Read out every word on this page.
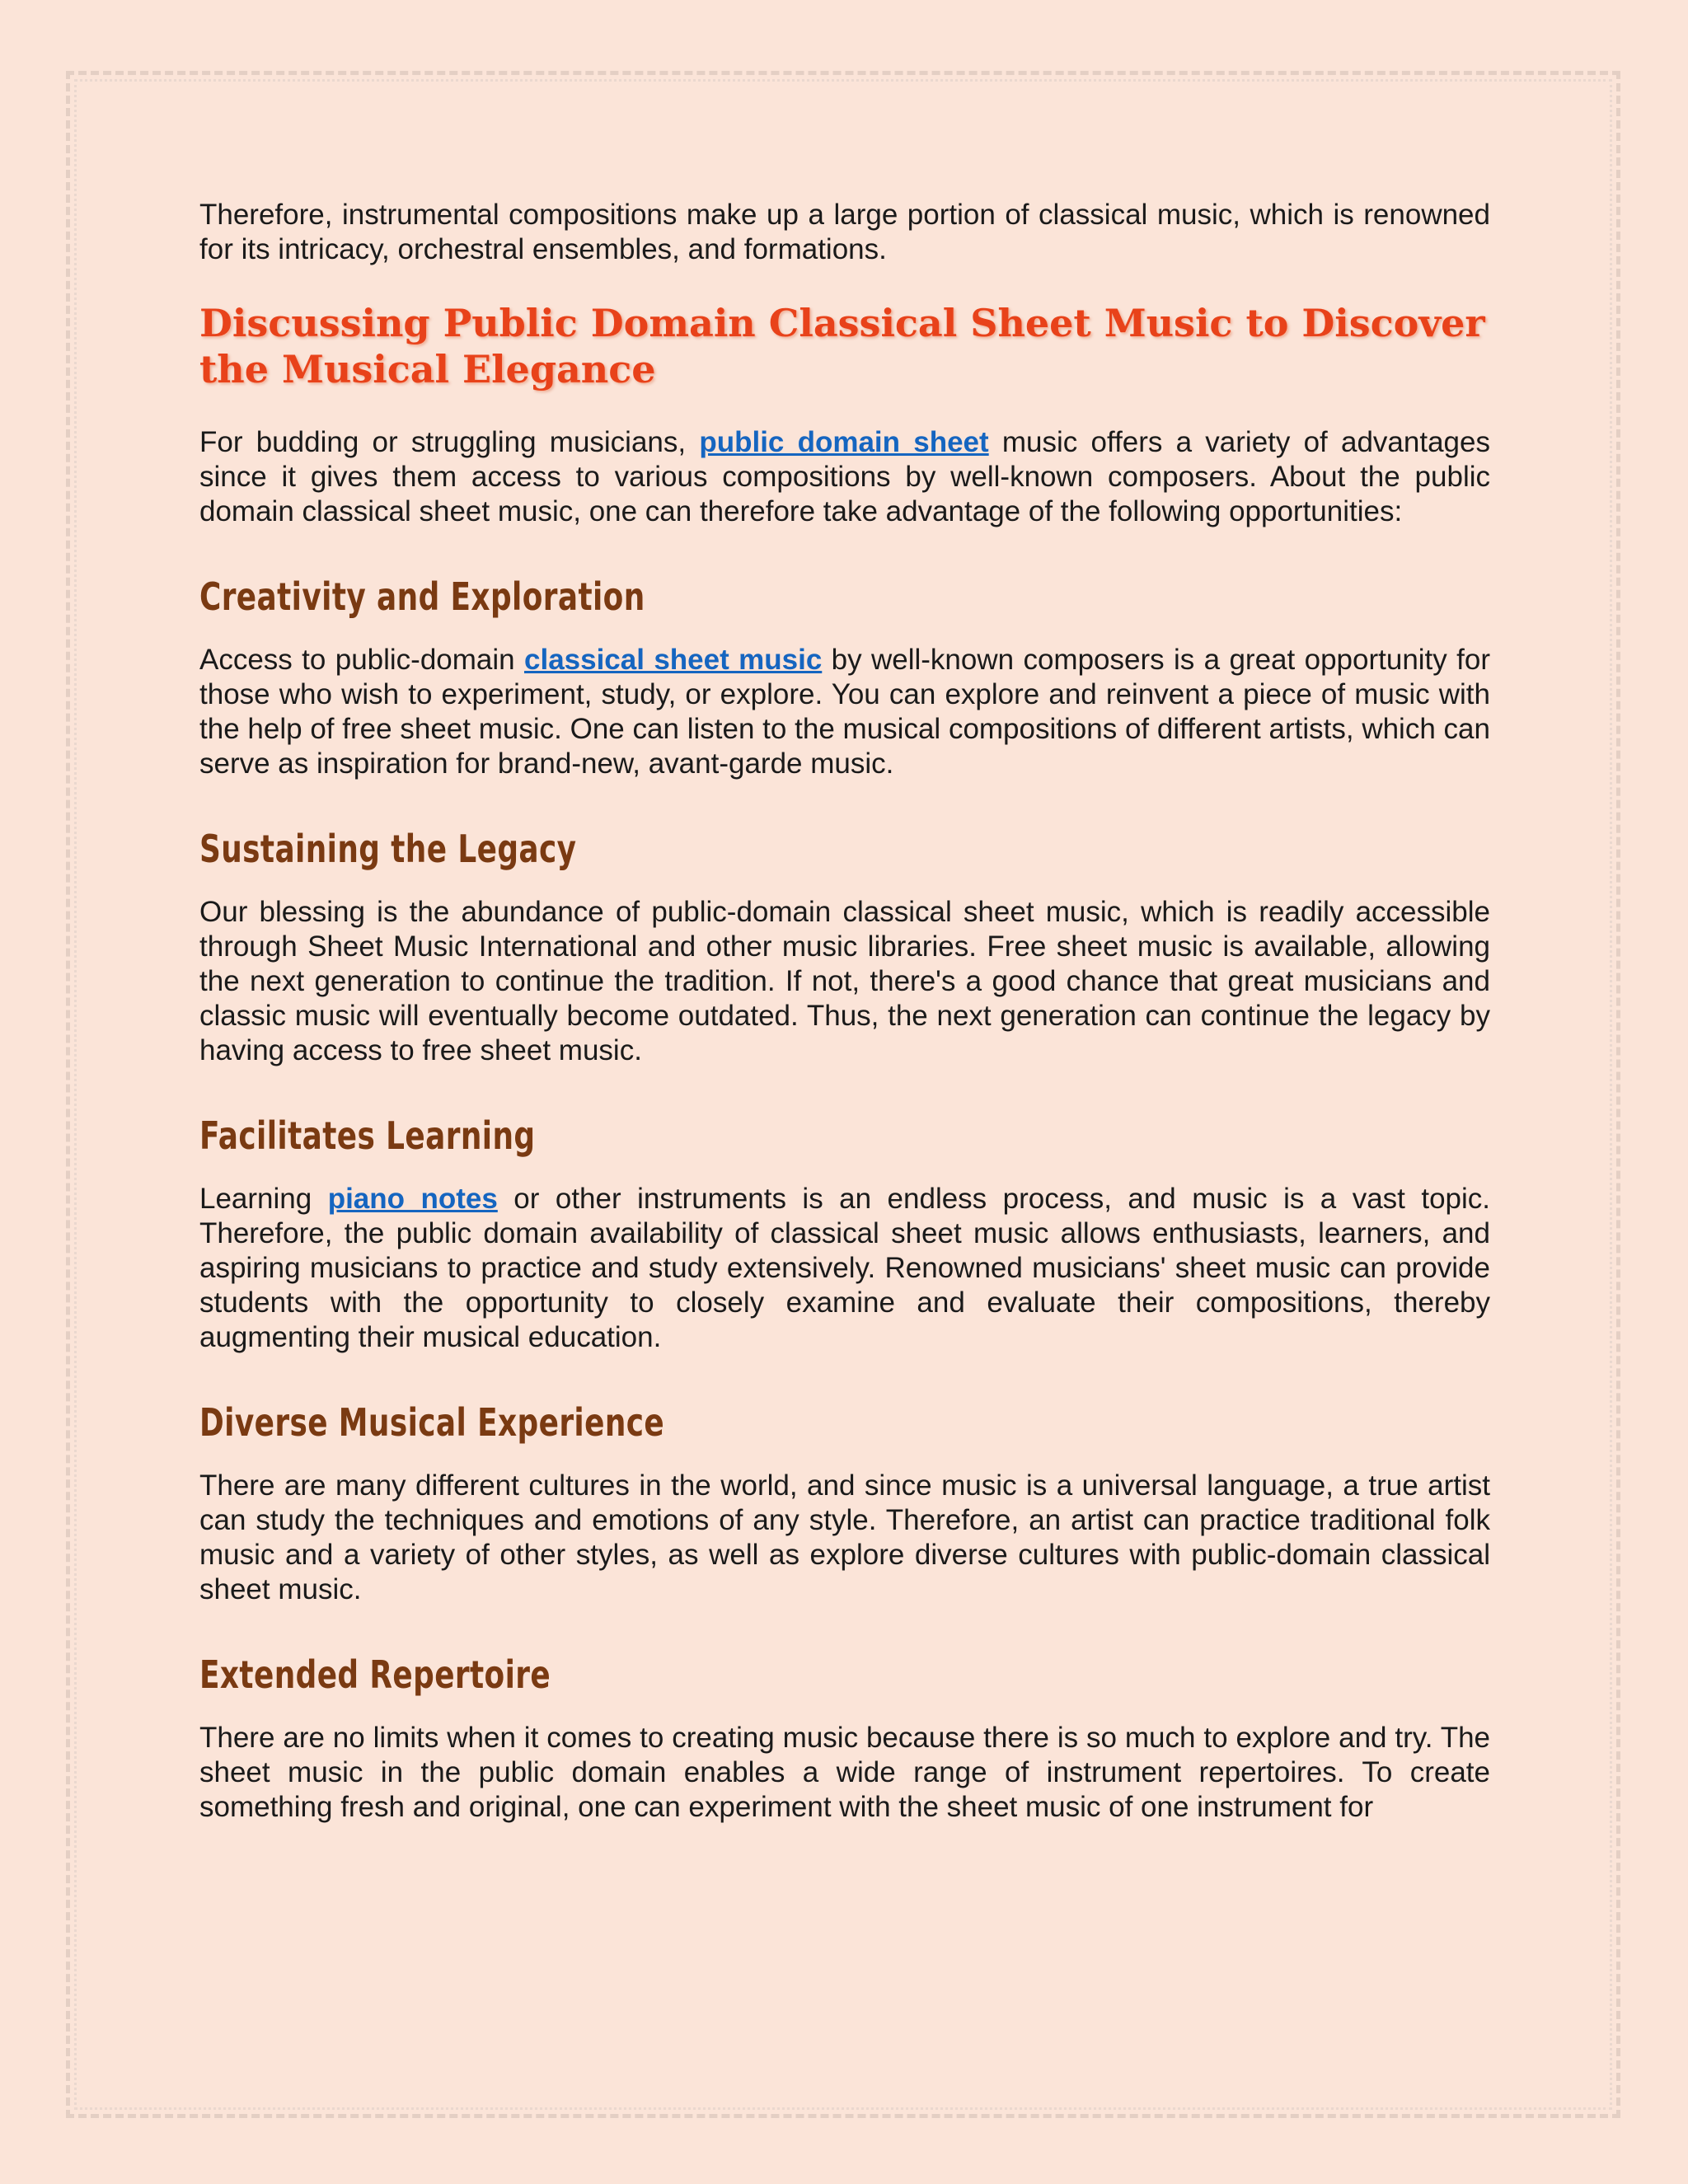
Therefore, instrumental compositions make up a large portion of classical music, which is renowned for its intricacy, orchestral ensembles, and formations.

Discussing Public Domain Classical Sheet Music to Discover the Musical Elegance

For budding or struggling musicians, public domain sheet music offers a variety of advantages since it gives them access to various compositions by well-known composers. About the public domain classical sheet music, one can therefore take advantage of the following opportunities:

Creativity and Exploration

Access to public-domain classical sheet music by well-known composers is a great opportunity for those who wish to experiment, study, or explore. You can explore and reinvent a piece of music with the help of free sheet music. One can listen to the musical compositions of different artists, which can serve as inspiration for brand-new, avant-garde music.

Sustaining the Legacy

Our blessing is the abundance of public-domain classical sheet music, which is readily accessible through Sheet Music International and other music libraries. Free sheet music is available, allowing the next generation to continue the tradition. If not, there's a good chance that great musicians and classic music will eventually become outdated. Thus, the next generation can continue the legacy by having access to free sheet music.

Facilitates Learning

Learning piano notes or other instruments is an endless process, and music is a vast topic. Therefore, the public domain availability of classical sheet music allows enthusiasts, learners, and aspiring musicians to practice and study extensively. Renowned musicians' sheet music can provide students with the opportunity to closely examine and evaluate their compositions, thereby augmenting their musical education.

Diverse Musical Experience

There are many different cultures in the world, and since music is a universal language, a true artist can study the techniques and emotions of any style. Therefore, an artist can practice traditional folk music and a variety of other styles, as well as explore diverse cultures with public-domain classical sheet music.

Extended Repertoire

There are no limits when it comes to creating music because there is so much to explore and try. The sheet music in the public domain enables a wide range of instrument repertoires. To create something fresh and original, one can experiment with the sheet music of one instrument for
